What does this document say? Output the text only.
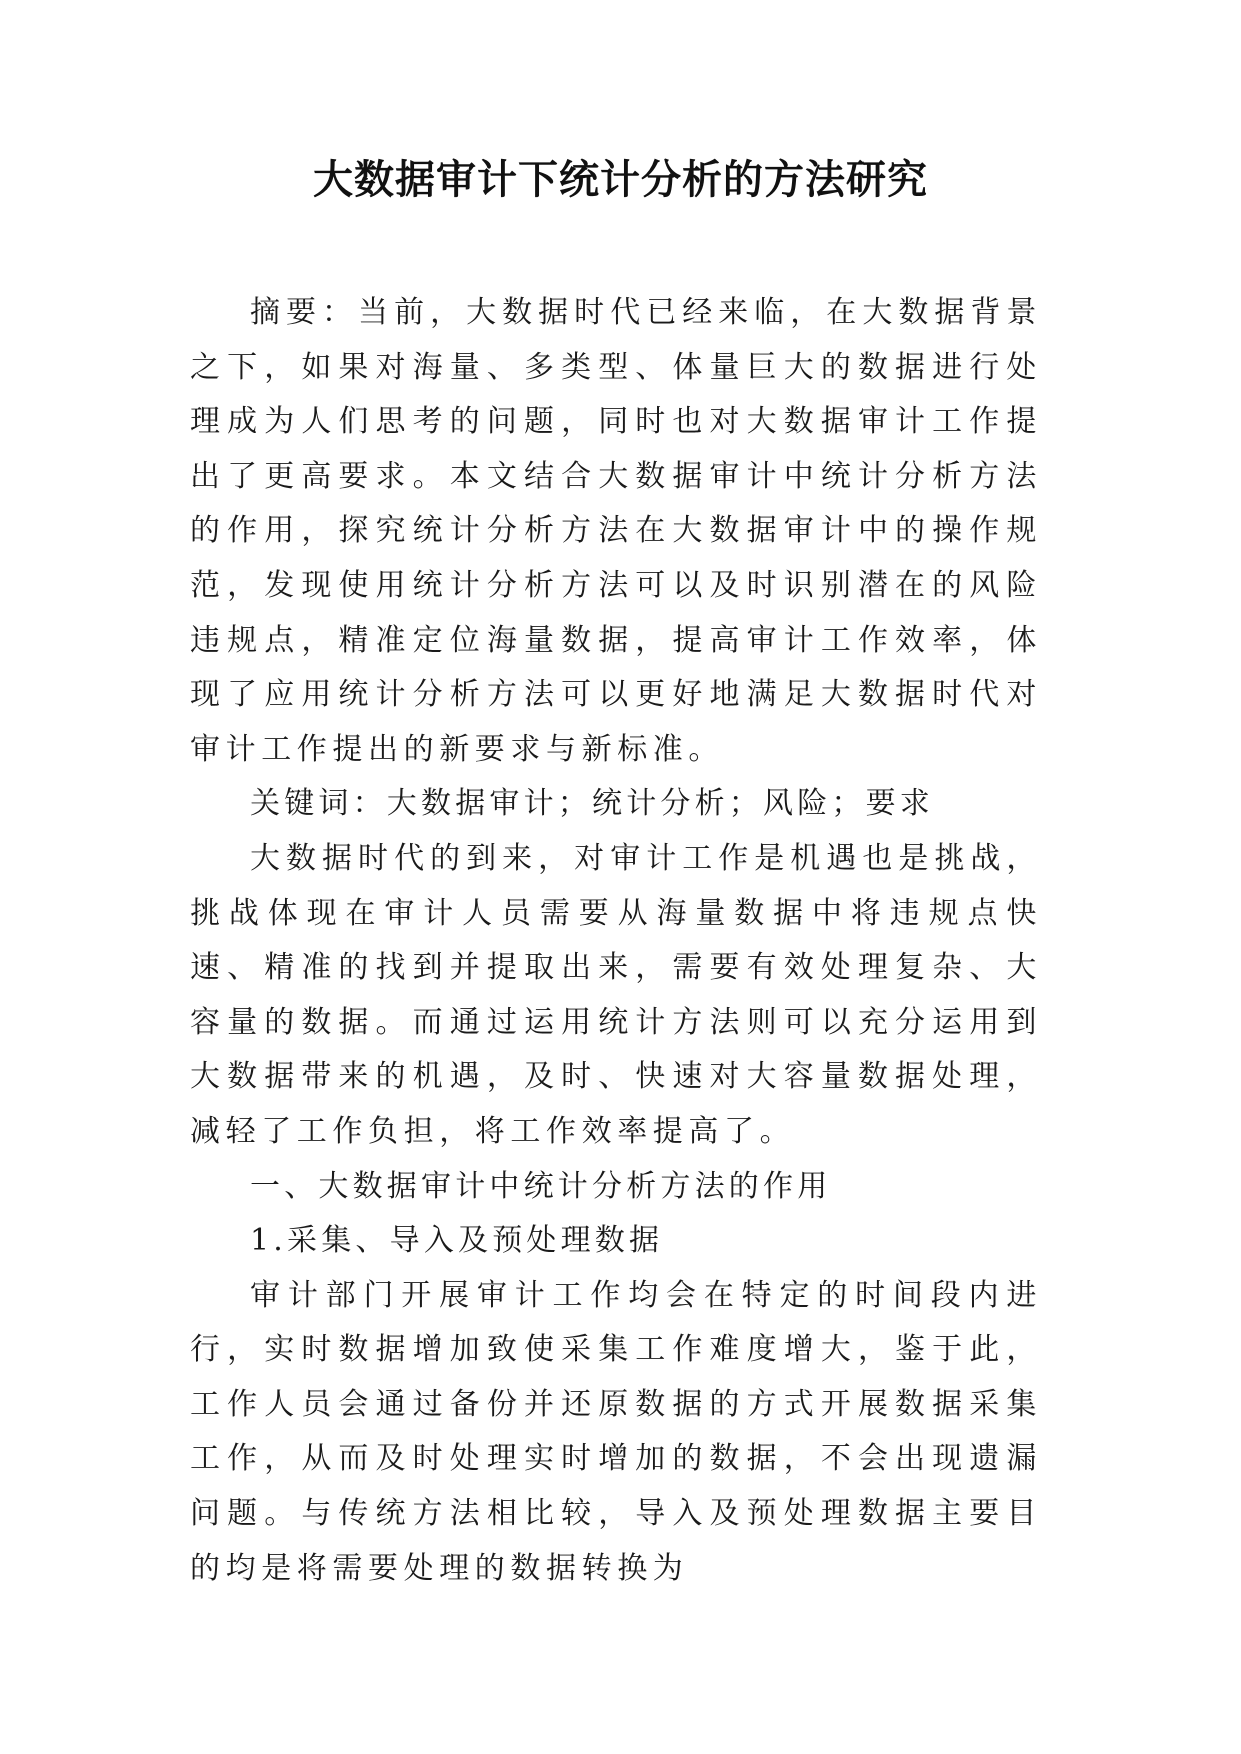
大数据审计下统计分析的方法研究

摘要：当前，大数据时代已经来临，在大数据背景之下，如果对海量、多类型、体量巨大的数据进行处理成为人们思考的问题，同时也对大数据审计工作提出了更高要求。本文结合大数据审计中统计分析方法的作用，探究统计分析方法在大数据审计中的操作规范，发现使用统计分析方法可以及时识别潜在的风险违规点，精准定位海量数据，提高审计工作效率，体现了应用统计分析方法可以更好地满足大数据时代对审计工作提出的新要求与新标准。

关键词：大数据审计；统计分析；风险；要求

大数据时代的到来，对审计工作是机遇也是挑战，挑战体现在审计人员需要从海量数据中将违规点快速、精准的找到并提取出来，需要有效处理复杂、大容量的数据。而通过运用统计方法则可以充分运用到大数据带来的机遇，及时、快速对大容量数据处理，减轻了工作负担，将工作效率提高了。

一、大数据审计中统计分析方法的作用

1.采集、导入及预处理数据

审计部门开展审计工作均会在特定的时间段内进行，实时数据增加致使采集工作难度增大，鉴于此，工作人员会通过备份并还原数据的方式开展数据采集工作，从而及时处理实时增加的数据，不会出现遗漏问题。与传统方法相比较，导入及预处理数据主要目的均是将需要处理的数据转换为
